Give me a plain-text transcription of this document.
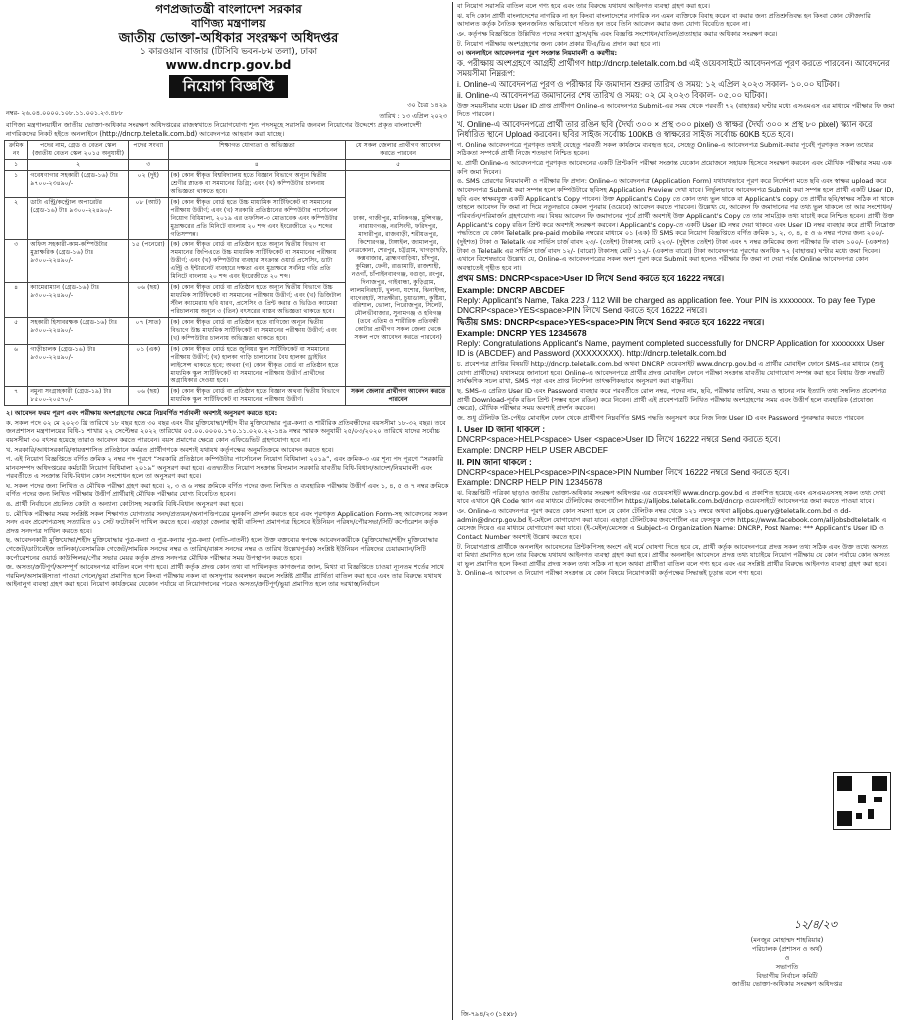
গণপ্রজাতন্ত্রী বাংলাদেশ সরকার
বাণিজ্য মন্ত্রণালয়
জাতীয় ভোক্তা-অধিকার সংরক্ষণ অধিদপ্তর
১ কারওয়ান বাজার (টিসিবি ভবন-৮ম তলা), ঢাকা
www.dncrp.gov.bd
নিয়োগ বিজ্ঞপ্তি
নম্বর- ২৬.০৪.০০০০.১০৮.১১.০০১.২৩.৪৮৮
৩০ চৈত্র ১৪২৯
তারিখ : ১৩ এপ্রিল ২০২৩
বাণিজ্য মন্ত্রণালয়াধীন জাতীয় ভোক্তা-অধিকার সংরক্ষণ অধিদপ্তরের রাজস্বখাতে নিয়োগযোগ্য শূন্য পদসমূহে সরাসরি জনবল নিয়োগের উদ্দেশ্যে প্রকৃত বাংলাদেশী নাগরিকদের নিকট হইতে অনলাইনে (http://dncrp.teletalk.com.bd) আবেদনপত্র আহবান করা যাচ্ছে।
ক্রমিক নং	পদের নাম, গ্রেড ও বেতন স্কেল (জাতীয় বেতন স্কেল ২০১৫ অনুযায়ী)	পদের সংখ্যা	শিক্ষাগত যোগ্যতা ও অভিজ্ঞতা	যে সকল জেলার প্রার্থীগণ আবেদন করতে পারবেন
১	২	৩	৪	৫
১	গবেষণাগার সহকারী (গ্রেড-১৬) টাঃ ৯৭০০-২৩৪৯০/-	০২ (দুই)	(ক) কোন স্বীকৃত বিশ্ববিদ্যালয় হতে বিজ্ঞান বিভাগে অন্যূন দ্বিতীয় শ্রেণীর স্নাতক বা সমমানের ডিগ্রি; এবং (খ) কম্পিউটার চালনায় অভিজ্ঞতা থাকতে হবে।	ঢাকা, গাজীপুর, মানিকগঞ্জ, মুন্সিগঞ্জ, নারায়ণগঞ্জ, নরসিংদী, ফরিদপুর, মাদারীপুর, রাজবাড়ী, শরীয়তপুর, কিশোরগঞ্জ, টাঙ্গাইল, জামালপুর, নেত্রকোনা, শেরপুর, চট্টগ্রাম, খাগড়াছড়ি, কক্সবাজার, ব্রাহ্মণবাড়িয়া, চাঁদপুর, কুমিল্লা, ফেনী, রাঙামাটি, রাজশাহী, নওগাঁ, চাঁপাইনবাবগঞ্জ, বগুড়া, রংপুর, দিনাজপুর, গাইবান্ধা, কুড়িগ্রাম, লালমনিরহাট, খুলনা, যশোর, ঝিনাইদহ, বাগেরহাট, সাতক্ষীরা, চুয়াডাঙ্গা, কুষ্টিয়া, বরিশাল, ভোলা, পিরোজপুর, সিলেট, মৌলভীবাজার, সুনামগঞ্জ ও হবিগঞ্জ (তবে এতিম ও শারীরিক প্রতিবন্ধী কোটার প্রার্থীগণ সকল জেলা থেকে সকল পদে আবেদন করতে পারবেন)
২	ডাটা এন্ট্রি/কন্ট্রোল অপারেটর (গ্রেড-১৬) টাঃ ৯৩০০-২২৪৯০/-	০৮ (আট)	(ক) কোন স্বীকৃত বোর্ড হতে উচ্চ মাধ্যমিক সার্টিফিকেট বা সমমানের পরীক্ষায় উত্তীর্ণ; এবং (খ) সরকারি প্রতিষ্ঠানের কম্পিউটার পার্সোনেল নিয়োগ বিধিমালা, ২০১৯ এর তফসিল-৩ মোতাবেক এবং কম্পিউটার মুদ্রাক্ষরের প্রতি মিনিটে বাংলায় ২০ শব্দ এবং ইংরেজীতে ২০ শব্দের গতিসম্পন্ন।	
৩	অফিস সহকারী-কাম-কম্পিউটার মুদ্রাক্ষরিক (গ্রেড-১৬) টাঃ ৯৩০০-২২৪৯০/-	১৫ (পনেরো)	(ক) কোন স্বীকৃত বোর্ড বা প্রতিষ্ঠান হতে অন্যূন দ্বিতীয় বিভাগ বা সমমানের জিপিএতে উচ্চ মাধ্যমিক সার্টিফিকেট বা সমমানের পরীক্ষায় উত্তীর্ণ; এবং (খ) কম্পিউটার ব্যবহার সংক্রান্ত ওয়ার্ড প্রসেসিং, ডাটা এন্ট্রি ও ইন্টারনেট ব্যবহারে দক্ষতা এবং মুদ্রাক্ষরে সর্বনিম্ন গতি প্রতি মিনিটে বাংলায় ২০ শব্দ এবং ইংরেজীতে ২০ শব্দ।	
৪	ক্যামেরাম্যান (গ্রেড-১৬) টাঃ ৯৩০০-২২৪৯০/-	০৬ (ছয়)	(ক) কোন স্বীকৃত বোর্ড বা প্রতিষ্ঠান হতে অন্যূন দ্বিতীয় বিভাগে উচ্চ মাধ্যমিক সার্টিফিকেট বা সমমানের পরীক্ষায় উত্তীর্ণ; এবং (খ) ডিজিটাল স্টীল ক্যামেরায় ছবি ধারণ, প্রসেসিং ও প্রিন্ট করার ও ভিডিও ক্যামেরা পরিচালনায় অন্যূন ৩ (তিন) বৎসরের বাস্তব অভিজ্ঞতা থাকতে হবে।	
৫	সহকারী হিসাবরক্ষক (গ্রেড-১৬) টাঃ ৯৩০০-২২৪৯০/-	০৭ (সাত)	(ক) কোন স্বীকৃত বোর্ড বা প্রতিষ্ঠান হতে বাণিজ্যে অন্যূন দ্বিতীয় বিভাগে উচ্চ মাধ্যমিক সার্টিফিকেট বা সমমানের পরীক্ষায় উত্তীর্ণ; এবং (খ) কম্পিউটার চালনায় অভিজ্ঞতা থাকতে হবে।	
৬	গাড়ীচালক (গ্রেড-১৬) টাঃ ৯৩০০-২২৪৯০/-	০১ (এক)	(ক) কোন স্বীকৃত বোর্ড হতে জুনিয়র স্কুল সার্টিফিকেট বা সমমানের পরীক্ষায় উত্তীর্ণ; (খ) হালকা গাড়ি চালানোর বৈধ হালকা ড্রাইভিং লাইসেন্স থাকতে হবে; অথবা (গ) কোন স্বীকৃত বোর্ড বা প্রতিষ্ঠান হতে মাধ্যমিক স্কুল সার্টিফিকেট বা সমমানের পরীক্ষায় উত্তীর্ণ প্রার্থীদের অগ্রাধিকার দেওয়া হবে।	
৭	নমুনা সংগ্রাহকারী (গ্রেড-১৯) টাঃ ৮৫০০-২০৫৭০/-	০৬ (ছয়)	(ক) কোন স্বীকৃত বোর্ড বা প্রতিষ্ঠান হতে বিজ্ঞান অথবা দ্বিতীয় বিভাগে মাধ্যমিক স্কুল সার্টিফিকেট বা সমমানের পরীক্ষায় উত্তীর্ণ।	সকল জেলার প্রার্থীগণ আবেদন করতে পারবেন

২। আবেদন ফরম পূরণ এবং পরীক্ষায় অংশগ্রহণের ক্ষেত্রে নিম্নবর্ণিত শর্তাবলী অবশ্যই অনুসরণ করতে হবে:

ক. সকল পদে ০২ মে ২০২৩ খ্রি তারিখে ১৮ বছর হতে ৩০ বছর এবং বীর মুক্তিযোদ্ধা/শহীদ বীর মুক্তিযোদ্ধার পুত্র-কন্যা ও শারীরিক প্রতিবন্ধীদের বয়সসীমা ১৮-৩২ বছর। তবে জনপ্রশাসন মন্ত্রণালয়ের বিধি-১ শাখার ২২ সেপ্টেম্বর ২০২২ তারিখের ০৫.০০.০০০০.১৭০.১১.০২০.২২-১৪৯ নম্বর স্মারক অনুযায়ী ২৫/০৩/২০২০ তারিখে যাদের সর্বোচ্চ বয়সসীমা ৩০ বৎসর হয়েছে তারাও আবেদন করতে পারবেন। বয়স প্রমাণের ক্ষেত্রে কোন এফিডেভিট গ্রহণযোগ্য হবে না।

খ. সরকারি/আধাসরকারি/স্বায়ত্তশাসিত প্রতিষ্ঠানে কর্মরত প্রার্থীগণকে অবশ্যই যথাযথ কর্তৃপক্ষের অনুমতিক্রমে আবেদন করতে হবে।

গ. এই নিয়োগ বিজ্ঞপ্তিতে বর্ণিত ক্রমিক ২ নম্বর পদ পূরণে “সরকারি প্রতিষ্ঠানে কম্পিউটার পার্সোনেল নিয়োগ বিধিমালা ২০১৯”, এবং ক্রমিক-৩ এর শূন্য পদ পূরণে “সরকারি মানবসম্পদ অধিদপ্তরের কর্মচারী নিয়োগ বিধিমালা ২০১৯” অনুসরণ করা হবে। এতদ্ব্যতীত নিয়োগ সংক্রান্ত বিদ্যমান সরকারি যাবতীয় বিধি-বিধান/আদেশ/নিয়মাবলী এবং পরবর্তীতে এ সংক্রান্ত বিধি-বিধান কোন সংশোধন হলে তা অনুসরণ করা হবে।

ঘ. সকল পদের জন্য লিখিত ও মৌখিক পরীক্ষা গ্রহণ করা হবে। ২, ৩ ও ৬ নম্বর ক্রমিকে বর্ণিত পদের জন্য লিখিত ও ব্যবহারিক পরীক্ষায় উত্তীর্ণ এবং ১, ৪, ৫ ও ৭ নম্বর ক্রমিকে বর্ণিত পদের জন্য লিখিত পরীক্ষায় উত্তীর্ণ প্রার্থীরাই মৌখিক পরীক্ষার যোগ্য বিবেচিত হবেন।

ঙ. প্রার্থী নির্বাচনে প্রচলিত কোটা ও অন্যান্য কোটাসহ সরকারি বিধি-বিধান অনুসরণ করা হবে।

চ. মৌখিক পরীক্ষার সময় সংশ্লিষ্ট সকল শিক্ষাগত যোগ্যতার সনদ/প্রত্যয়ন/অনাপত্তিপত্রের মূলকপি প্রদর্শন করতে হবে এবং পূরণকৃত Application Form-সহ আবেদনের সকল সনদ এবং প্রবেশপত্রসহ সত্যায়িত ০১ সেট ফটোকপি দাখিল করতে হবে। এছাড়া জেলার স্থায়ী বাসিন্দা প্রমাণপত্র হিসেবে ইউনিয়ন পরিষদ/পৌরসভা/সিটি কর্পোরেশন কর্তৃক প্রদত্ত সনদপত্র দাখিল করতে হবে।

ছ. আবেদনকারী মুক্তিযোদ্ধা/শহীদ মুক্তিযোদ্ধার পুত্র-কন্যা ও পুত্র-কন্যার পুত্র-কন্যা (নাতি-নাতনী) হলে উক্ত বক্তব্যের স্বপক্ষে আবেদনকারীকে (মুক্তিযোদ্ধা/শহীদ মুক্তিযোদ্ধার গেজেট/ডাটাবেইজ তালিকা/বেসামরিক গেজেট/সাময়িক সনদের নম্বর ও তারিখ/বাপ্পস সনদের নম্বর ও তারিখ উল্লেখপূর্বক) সংশ্লিষ্ট ইউনিয়ন পরিষদের চেয়ারম্যান/সিটি কর্পোরেশনের ওয়ার্ড কাউন্সিলর/পৌর সভার মেয়র কর্তৃক প্রদত্ত সনদপত্র মৌখিক পরীক্ষার সময় উপস্থাপন করতে হবে।

জ. অসত্য/ক্রটিপূর্ণ/অসম্পূর্ণ আবেদনপত্র বাতিল বলে গণ্য হবে। প্রার্থী কর্তৃক প্রদত্ত কোন তথ্য বা দাখিলকৃত কাগজপত্র জাল, মিথ্যা বা বিজ্ঞপ্তিতে চাওয়া ন্যূনতম শর্তের সাথে গরমিল/অসামঞ্জস্যতা পাওয়া গেলে/ভুয়া প্রমাণিত হলে কিংবা পরীক্ষায় নকল বা অসদুপায় অবলম্বন করলে সংশ্লিষ্ট প্রার্থীর প্রার্থিতা বাতিল করা হবে এবং তার বিরুদ্ধে যথাযথ আইনানুগ ব্যবস্থা গ্রহণ করা হবে। নিয়োগ কার্যক্রমের যেকোন পর্যায়ে বা নিয়োগদানের পরেও অসত্য/ক্রটিপূর্ণ/ভুয়া প্রমাণিত হলে তার দরখাস্ত/নির্বাচন

বা নিয়োগ সরাসরি বাতিল বলে গণ্য হবে এবং তার বিরুদ্ধে যথাযথ আইনগত ব্যবস্থা গ্রহণ করা হবে।

ঝ. যদি কোন প্রার্থী বাংলাদেশের নাগরিক না হন কিংবা বাংলাদেশের নাগরিক নন এমন ব্যক্তিকে বিবাহ করেন বা করার জন্য প্রতিশ্রুতিবদ্ধ হন কিংবা কোন ফৌজদারি আদালত কর্তৃক নৈতিক স্থলনজনিত অভিযোগে দণ্ডিত হন তবে তিনি আবেদন করার জন্য যোগ্য বিবেচিত হবেন না।

ঞ. কর্তৃপক্ষ বিজ্ঞপ্তিতে উল্লিখিত পদের সংখ্যা হ্রাস/বৃদ্ধি এবং বিজ্ঞপ্তি সংশোধন/বাতিল/প্রত্যাহার করার অধিকার সংরক্ষণ করে।

ট. নিয়োগ পরীক্ষায় অংশগ্রহণের জন্য কোন প্রকার টিএ/ডিএ প্রদান করা হবে না।

৩। অনলাইনে আবেদনপত্র পূরণ সংক্রান্ত নিয়মাবলী ও করণীয়:

ক. পরীক্ষায় অংশগ্রহণে আগ্রহী প্রার্থীগণ http://dncrp.teletalk.com.bd এই ওয়েবসাইটে আবেদনপত্র পূরণ করতে পারবেন। আবেদনের সময়সীমা নিম্নরূপ:

i. Online-এ আবেদনপত্র পূরণ ও পরীক্ষার ফি জমাদান শুরুর তারিখ ও সময়: ১২ এপ্রিল ২০২৩ সকাল- ১০.০০ ঘটিকা।

ii. Online-এ আবেদনপত্র জমাদানের শেষ তারিখ ও সময়: ০২ মে ২০২৩ বিকাল- ০৫.০০ ঘটিকা।

উক্ত সময়সীমার মধ্যে User ID প্রাপ্ত প্রার্থীগণ Online-এ আবেদনপত্র Submit-এর সময় থেকে পরবর্তী ৭২ (বাহাত্তর) ঘণ্টার মধ্যে এসএমএস এর মাধ্যমে পরীক্ষার ফি জমা দিতে পারবেন।

খ. Online-এ আবেদনপত্রে প্রার্থী তার রঙিন ছবি (দৈর্ঘ্য ৩০০ × প্রস্থ ৩০০ pixel) ও স্বাক্ষর (দৈর্ঘ্য ৩০০ × প্রস্থ ৮০ pixel) স্ক্যান করে নির্ধারিত স্থানে Upload করবেন। ছবির সাইজ সর্বোচ্চ 100KB ও স্বাক্ষরের সাইজ সর্বোচ্চ 60KB হতে হবে।

গ. Online আবেদনপত্রে পূরণকৃত তথ্যই যেহেতু পরবর্তী সকল কার্যক্রমে ব্যবহৃত হবে, সেহেতু Online-এ আবেদনপত্র Submit-করার পূর্বেই পূরণকৃত সকল তথ্যের সঠিকতা সম্পর্কে প্রার্থী নিজে শতভাগ নিশ্চিত হবেন।

ঘ. প্রার্থী Online-এ আবেদনপত্রে পূরণকৃত আবেদনের একটি প্রিন্টকপি পরীক্ষা সংক্রান্ত যেকোন প্রয়োজনে সহায়ক হিসেবে সংরক্ষণ করবেন এবং মৌখিক পরীক্ষার সময় এক কপি জমা দিবেন।

ঙ. SMS প্রেরণের নিয়মাবলী ও পরীক্ষার ফি প্রদান: Online-এ আবেদনপত্র (Application Form) যথাযথভাবে পূরণ করে নির্দেশনা মতে ছবি এবং স্বাক্ষর upload করে আবেদনপত্র Submit করা সম্পন্ন হলে কম্পিউটারে ছবিসহ Application Preview দেখা যাবে। নির্ভুলভাবে আবেদনপত্র Submit করা সম্পন্ন হলে প্রার্থী একটি User ID, ছবি এবং স্বাক্ষরযুক্ত একটি Applicant's Copy পাবেন। উক্ত Applicant's Copy তে কোন তথ্য ভুল থাকে বা Applicant's copy তে প্রার্থীর ছবি/স্বাক্ষর সঠিক না থাকে তাহলে আবেদন ফি জমা না দিয়ে নতুনভাবে কেবল পুনরায় (ওয়েবে) আবেদন করতে পারবেন। উল্লেখ্য যে, আবেদন ফি জমাদানের পর তথ্য ভুল থাকলে তা আর সংশোধন/পরিবর্তন/পরিমার্জন গ্রহণযোগ্য নয়। বিষয় আবেদন ফি জমাদানের পূর্বে প্রার্থী অবশ্যই উক্ত Applicant's Copy তে তার সামগ্রিক তথ্য যাচাই করে নিশ্চিত হবেন। প্রার্থী উক্ত Applicant's copy রঙিন প্রিন্ট করে অবশ্যই সংরক্ষণ করবেন। Applicant's copy-তে একটি User ID নম্বর দেয়া থাকবে এবং User ID নম্বর ব্যবহার করে প্রার্থী নিম্নোক্ত পদ্ধতিতে যে কোন Teletalk pre-paid mobile নম্বরের মাধ্যমে ০১ (এক) টি SMS করে নিয়োগ বিজ্ঞপ্তিতে বর্ণিত ক্রমিক ১, ২, ৩, ৪, ৫ ও ৬ নম্বর পদের জন্য ২০০/- (দুইশত) টাকা ও Teletalk এর সার্ভিস চার্জ বাবদ ২৩/- (তেইশ) টাকাসহ মোট ২২৩/- (দুইশত তেইশ) টাকা এবং ৭ নম্বর ক্রমিকের জন্য পরীক্ষার ফি বাবদ ১০০/- (একশত) টাকা ও Teletalk এর সার্ভিস চার্জ বাবদ ১২/- (বারো) টাকাসহ মোট ১১২/- (একশত বারো) টাকা আবেদনপত্র পূরণের অনধিক ৭২ (বাহাত্তর) ঘণ্টার মধ্যে জমা দিবেন। এখানে বিশেষভাবে উল্লেখ্য যে, Online-এ আবেদনপত্রের সকল অংশ পূরণ করে Submit করা হলেও পরীক্ষার ফি জমা না দেয়া পর্যন্ত Online আবেদনপত্র কোন অবস্থাতেই গৃহীত হবে না।

প্রথম SMS: DNCRP<space>User ID লিখে Send করতে হবে 16222 নম্বরে।

Example: DNCRP ABCDEF

Reply: Applicant's Name, Taka 223 / 112 Will be charged as application fee. Your PIN is xxxxxxxx. To pay fee Type DNCRP<space>YES<space>PIN লিখে Send করতে হবে 16222 নম্বরে।

দ্বিতীয় SMS: DNCRP<space>YES<space>PIN লিখে Send করতে হবে 16222 নম্বরে।

Example: DNCRP YES 12345678

Reply: Congratulations Applicant's Name, payment completed successfully for DNCRP Application for xxxxxxxx User ID is (ABCDEF) and Password (XXXXXXXX). http://dncrp.teletalk.com.bd

চ. প্রবেশপত্র প্রাপ্তির বিষয়টি http://dncrp.teletalk.com.bd অথবা DNCRP ওয়েবসাইট www.dncrp.gov.bd এ প্রার্থীর মোবাইল ফোনে SMS-এর মাধ্যমে (শুধু যোগ্য প্রার্থীদের) যথাসময়ে জানানো হবে। Online-এ আবেদনপত্রে প্রার্থীর প্রদত্ত মোবাইল ফোনে পরীক্ষা সংক্রান্ত যাবতীয় যোগাযোগ সম্পন্ন করা হবে বিধায় উক্ত নম্বরটি সার্বক্ষণিক সচল রাখা, SMS পড়া এবং প্রাপ্ত নির্দেশনা তাৎক্ষণিকভাবে অনুসরণ করা বাঞ্ছনীয়।

ছ. SMS-এ প্রেরিত User ID এবং Password ব্যবহার করে পরবর্তীতে রোল নম্বর, পদের নাম, ছবি, পরীক্ষার তারিখ, সময় ও স্থানের নাম ইত্যাদি তথ্য সম্বলিত প্রবেশপত্র প্রার্থী Download-পূর্বক রঙিন প্রিন্ট (সম্ভব হলে রঙিন) করে নিবেন। প্রার্থী এই প্রবেশপত্রটি লিখিত পরীক্ষায় অংশগ্রহণের সময় এবং উত্তীর্ণ হলে ব্যবহারিক (প্রযোজ্য ক্ষেত্রে), মৌখিক পরীক্ষার সময় অবশ্যই প্রদর্শন করবেন।

জ. শুধু টেলিটক প্রি-পেইড মোবাইল ফোন থেকে প্রার্থীগণ নিম্নবর্ণিত SMS পদ্ধতি অনুসরণ করে নিজ নিজ User ID এবং Password পুনরুদ্ধার করতে পারবেন

I. User ID জানা থাকলে :

DNCRP<space>HELP<space> User <space>User ID লিখে 16222 নম্বরে Send করতে হবে।

Example: DNCRP HELP USER ABCDEF

II. PIN জানা থাকলে :

DNCRP<space>HELP<space>PIN<space>PIN Number লিখে 16222 নম্বরে Send করতে হবে। Example: DNCRP HELP PIN 12345678

ঝ. বিজ্ঞপ্তিটি পত্রিকা ছাড়াও জাতীয় ভোক্তা-অধিকার সংরক্ষণ অধিদপ্তর এর ওয়েবসাইট www.dncrp.gov.bd এ প্রকাশিত হয়েছে এবং এসএমএসসহ সকল তথ্য দেখা যাবে এখানে QR Code স্ক্যান এর মাধ্যমে টেলিটকের জবপোর্টাল https://alljobs.teletalk.com.bd/dncrp ওয়েবসাইটে আবেদনপত্র জমা করতে পাওয়া যাবে।

ঞ. Online-এ আবেদনপত্র পূরণ করতে কোন সমস্যা হলে যে কোন টেলিটক নম্বর থেকে ১২১ নম্বরে অথবা alljobs.query@teletalk.com.bd ও dd-admin@dncrp.gov.bd ই-মেইলে যোগাযোগ করা যাবে। এছাড়া টেলিটকের জবপোর্টাল এর ফেসবুক পেজ https://www.facebook.com/alljobsbdteletalk এ মেসেজ দিয়েও এর মাধ্যমে যোগাযোগ করা যাবে। (ই-মেইল/মেসেজ এ Subject-এ Organization Name: DNCRP, Post Name: *** Applicant's User ID ও Contact Number অবশ্যই উল্লেখ করতে হবে।

ট. নিয়োগপ্রাপ্ত প্রার্থীকে অনলাইন আবেদনের প্রিন্টকপিসহ অংশে এই মর্মে ঘোষণা দিতে হবে যে, প্রার্থী কর্তৃক আবেদনপত্রে প্রদত্ত সকল তথ্য সঠিক এবং উক্ত তথ্যে অসত্য বা মিথ্যা প্রমাণিত হলে তার বিরুদ্ধে যথাযথ আইনগত ব্যবস্থা গ্রহণ করা হবে। প্রার্থীর অনলাইন আবেদনে প্রদত্ত তথ্য যাচাইয়ে নিয়োগ পরীক্ষায় যে কোন পর্যায়ে কোন অসত্য বা ভুল প্রমাণিত হলে কিংবা প্রার্থীর প্রদত্ত সকল তথ্য সঠিক না হলে অথবা প্রার্থীতা বাতিল বলে গণ্য হবে এবং এর সংশ্লিষ্ট প্রার্থীর বিরুদ্ধে আইনগত ব্যবস্থা গ্রহণ করা হবে।

ঠ. Online-এ আবেদন ও নিয়োগ পরীক্ষা সংক্রান্ত যে কোন বিষয়ে নিয়োগকারী কর্তৃপক্ষের সিদ্ধান্তই চূড়ান্ত বলে গণ্য হবে।

১২/৪/২৩
(মনজুর মোহাম্মদ শাহরিয়ার)
পরিচালক (প্রশাসন ও অর্থ)
ও
সভাপতি
বিভাগীয় নির্বাচন কমিটি
জাতীয় ভোক্তা-অধিকার সংরক্ষণ অধিদপ্তর
জি-৭৯৪/২৩ (১৫x৮)
